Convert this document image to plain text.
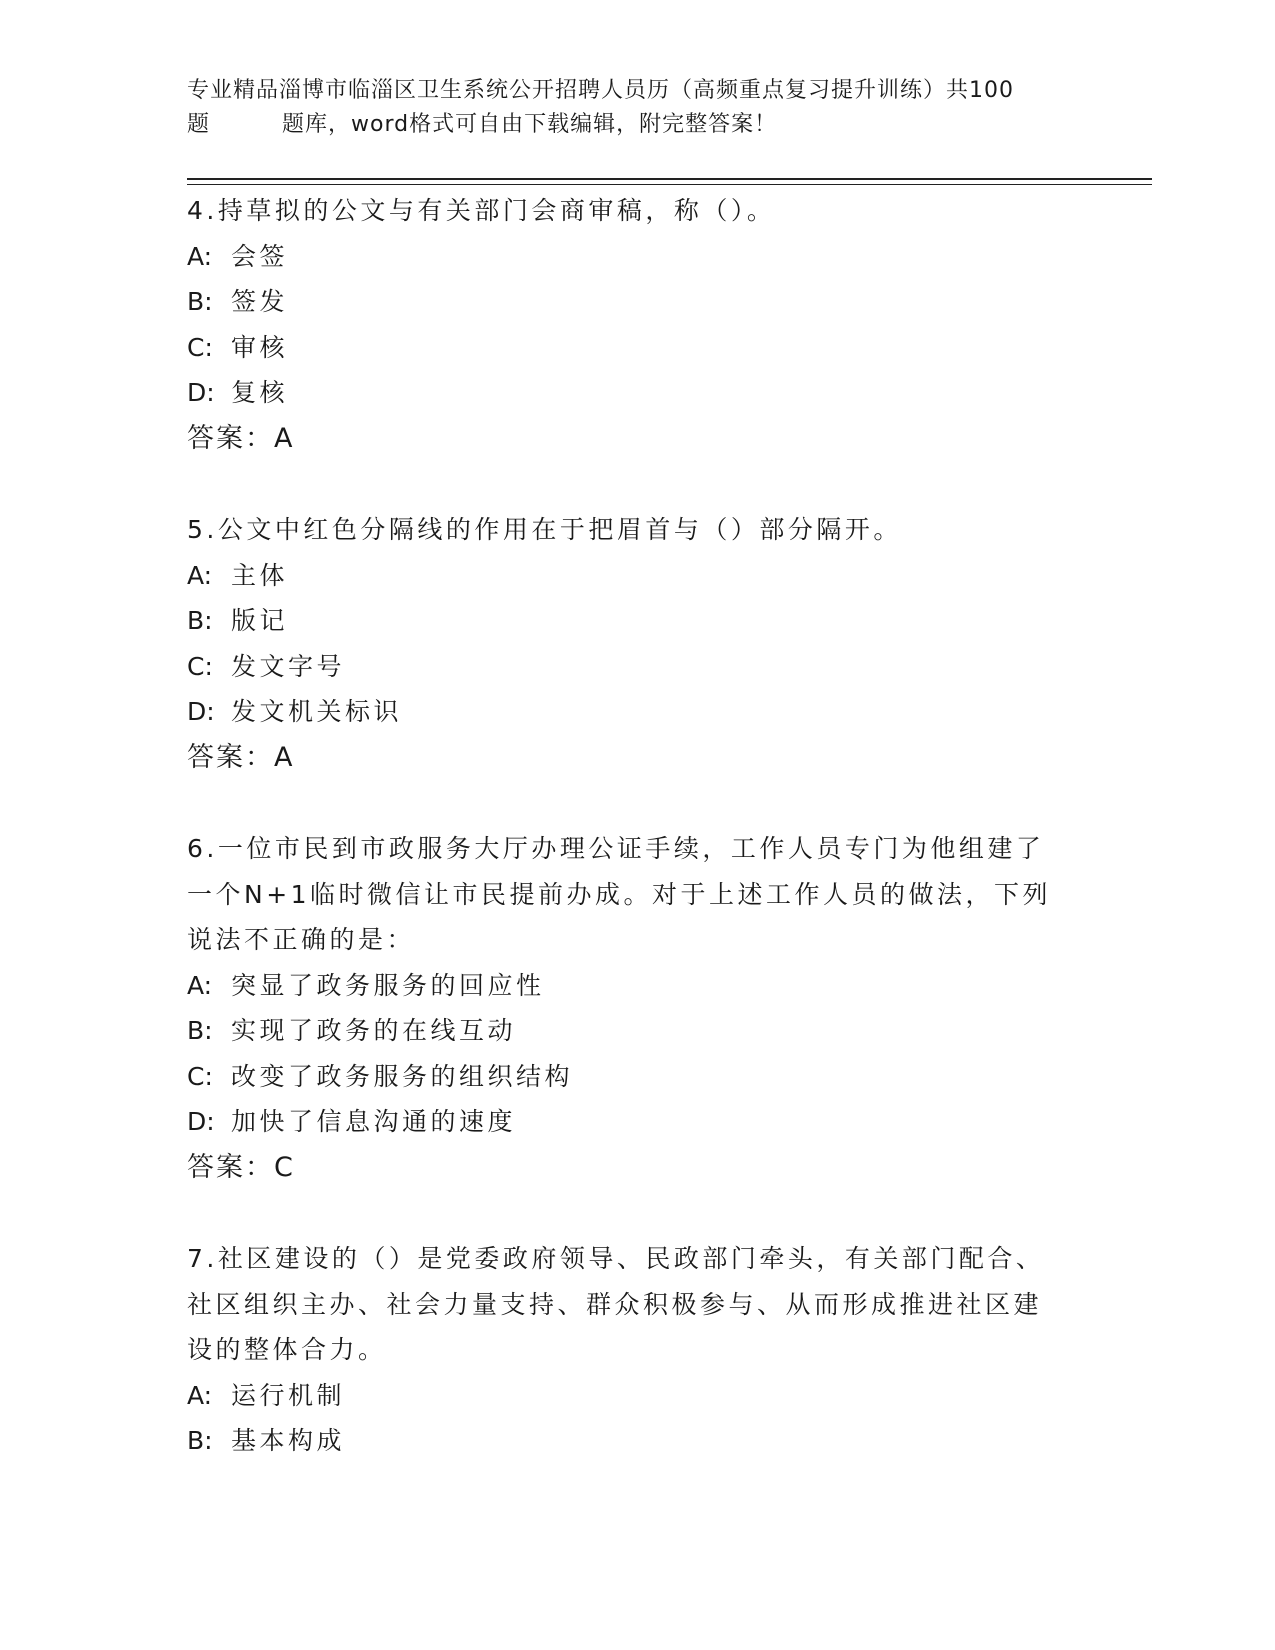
专业精品淄博市临淄区卫生系统公开招聘人员历（高频重点复习提升训练）共100
题	题库，word格式可自由下载编辑，附完整答案！
4.持草拟的公文与有关部门会商审稿，称（）。
A: 会签
B: 签发
C: 审核
D: 复核
答案：A
5.公文中红色分隔线的作用在于把眉首与（）部分隔开。
A: 主体
B: 版记
C: 发文字号
D: 发文机关标识
答案：A
6.一位市民到市政服务大厅办理公证手续，工作人员专门为他组建了一个N+1临时微信让市民提前办成。对于上述工作人员的做法，下列说法不正确的是：
A: 突显了政务服务的回应性
B: 实现了政务的在线互动
C: 改变了政务服务的组织结构
D: 加快了信息沟通的速度
答案：C
7.社区建设的（）是党委政府领导、民政部门牵头，有关部门配合、社区组织主办、社会力量支持、群众积极参与、从而形成推进社区建设的整体合力。
A: 运行机制
B: 基本构成
